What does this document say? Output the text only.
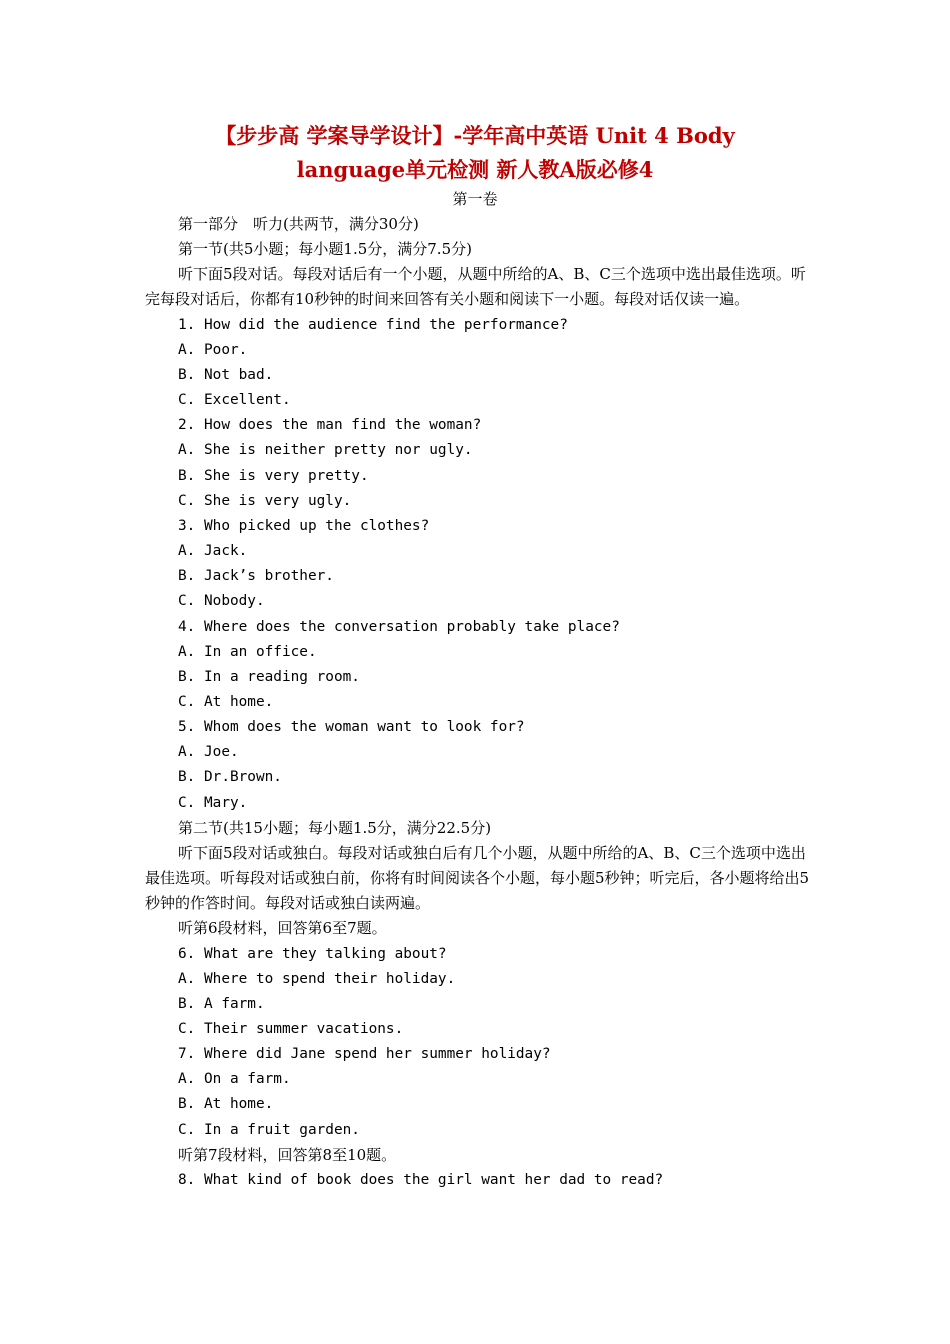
【步步高 学案导学设计】-学年高中英语 Unit 4 Body
language单元检测 新人教A版必修4
第一卷

第一部分　听力(共两节，满分30分)

第一节(共5小题；每小题1.5分，满分7.5分)

听下面5段对话。每段对话后有一个小题，从题中所给的A、B、C三个选项中选出最佳选项。听完每段对话后，你都有10秒钟的时间来回答有关小题和阅读下一小题。每段对话仅读一遍。

1. How did the audience find the performance?

A. Poor.

B. Not bad.

C. Excellent.

2. How does the man find the woman?

A. She is neither pretty nor ugly.

B. She is very pretty.

C. She is very ugly.

3. Who picked up the clothes?

A. Jack.

B. Jack’s brother.

C. Nobody.

4. Where does the conversation probably take place?

A. In an office.

B. In a reading room.

C. At home.

5. Whom does the woman want to look for?

A. Joe.

B. Dr.Brown.

C. Mary.

第二节(共15小题；每小题1.5分，满分22.5分)

听下面5段对话或独白。每段对话或独白后有几个小题，从题中所给的A、B、C三个选项中选出最佳选项。听每段对话或独白前，你将有时间阅读各个小题，每小题5秒钟；听完后，各小题将给出5秒钟的作答时间。每段对话或独白读两遍。

听第6段材料，回答第6至7题。

6. What are they talking about?

A. Where to spend their holiday.

B. A farm.

C. Their summer vacations.

7. Where did Jane spend her summer holiday?

A. On a farm.

B. At home.

C. In a fruit garden.

听第7段材料，回答第8至10题。

8. What kind of book does the girl want her dad to read?
